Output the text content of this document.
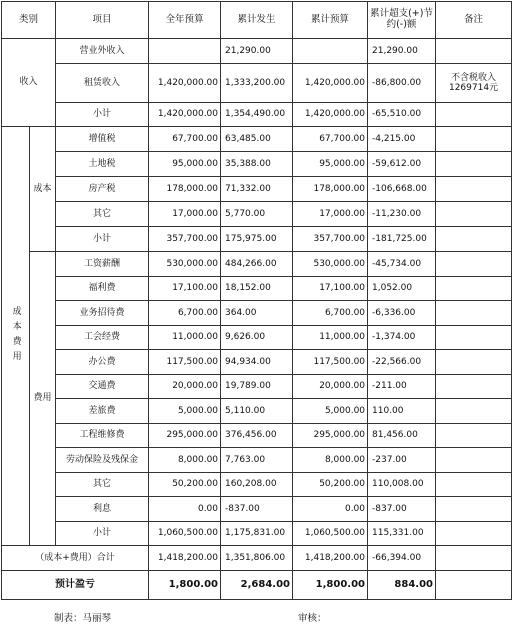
类别		项目	全年预算	累计发生	累计预算	累计超支(+)节约(-)额	备注
收入		营业外收入		21,290.00		21,290.00	
		租赁收入	1,420,000.00	1,333,200.00	1,420,000.00	-86,800.00	不含税收入1269714元
		小计	1,420,000.00	1,354,490.00	1,420,000.00	-65,510.00	
成本费用	成本	增值税	67,700.00	63,485.00	67,700.00	-4,215.00	
		土地税	95,000.00	35,388.00	95,000.00	-59,612.00	
		房产税	178,000.00	71,332.00	178,000.00	-106,668.00	
		其它	17,000.00	5,770.00	17,000.00	-11,230.00	
		小计	357,700.00	175,975.00	357,700.00	-181,725.00	
	费用	工资薪酬	530,000.00	484,266.00	530,000.00	-45,734.00	
		福利费	17,100.00	18,152.00	17,100.00	1,052.00	
		业务招待费	6,700.00	364.00	6,700.00	-6,336.00	
		工会经费	11,000.00	9,626.00	11,000.00	-1,374.00	
		办公费	117,500.00	94,934.00	117,500.00	-22,566.00	
		交通费	20,000.00	19,789.00	20,000.00	-211.00	
		差旅费	5,000.00	5,110.00	5,000.00	110.00	
		工程维修费	295,000.00	376,456.00	295,000.00	81,456.00	
		劳动保险及残保金	8,000.00	7,763.00	8,000.00	-237.00	
		其它	50,200.00	160,208.00	50,200.00	110,008.00	
		利息	0.00	-837.00	0.00	-837.00	
		小计	1,060,500.00	1,175,831.00	1,060,500.00	115,331.00	
（成本+费用）合计			1,418,200.00	1,351,806.00	1,418,200.00	-66,394.00	
预计盈亏			1,800.00	2,684.00	1,800.00	884.00	
制表：马丽琴	审核：
